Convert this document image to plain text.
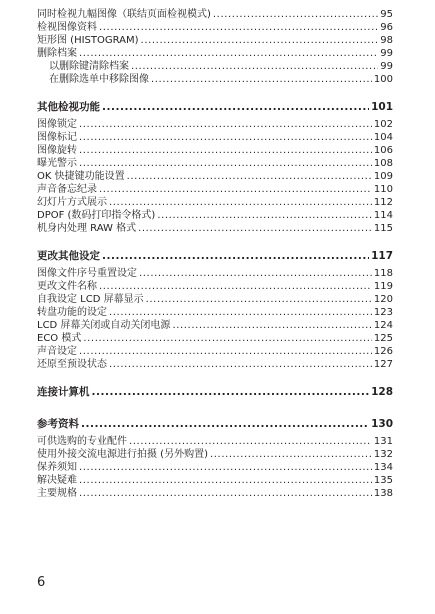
同时检视九幅图像（联结页面检视模式) .....	95
检视图像资料 .....	96
矩形图 (HISTOGRAM) .....	98
删除档案 .....	99
以删除键清除档案 .....	99
在删除选单中移除图像 .....	100
其他检视功能 .....	101
图像锁定 .....	102
图像标记 .....	104
图像旋转 .....	106
曝光警示 .....	108
OK 快捷键功能设置 .....	109
声音备忘纪录 .....	110
幻灯片方式展示 .....	112
DPOF (数码打印指令格式) .....	114
机身内处理 RAW 格式 .....	115
更改其他设定 .....	117
图像文件序号重置设定 .....	118
更改文件名称 .....	119
自我设定 LCD 屏幕显示 .....	120
转盘功能的设定 .....	123
LCD 屏幕关闭或自动关闭电源 .....	124
ECO 模式 .....	125
声音设定 .....	126
还原至预设状态 .....	127
连接计算机 .....	128
参考资料 .....	130
可供选购的专业配件 .....	131
使用外接交流电源进行拍摄 (另外购置) .....	132
保养须知 .....	134
解决疑难 .....	135
主要规格 .....	138
6
